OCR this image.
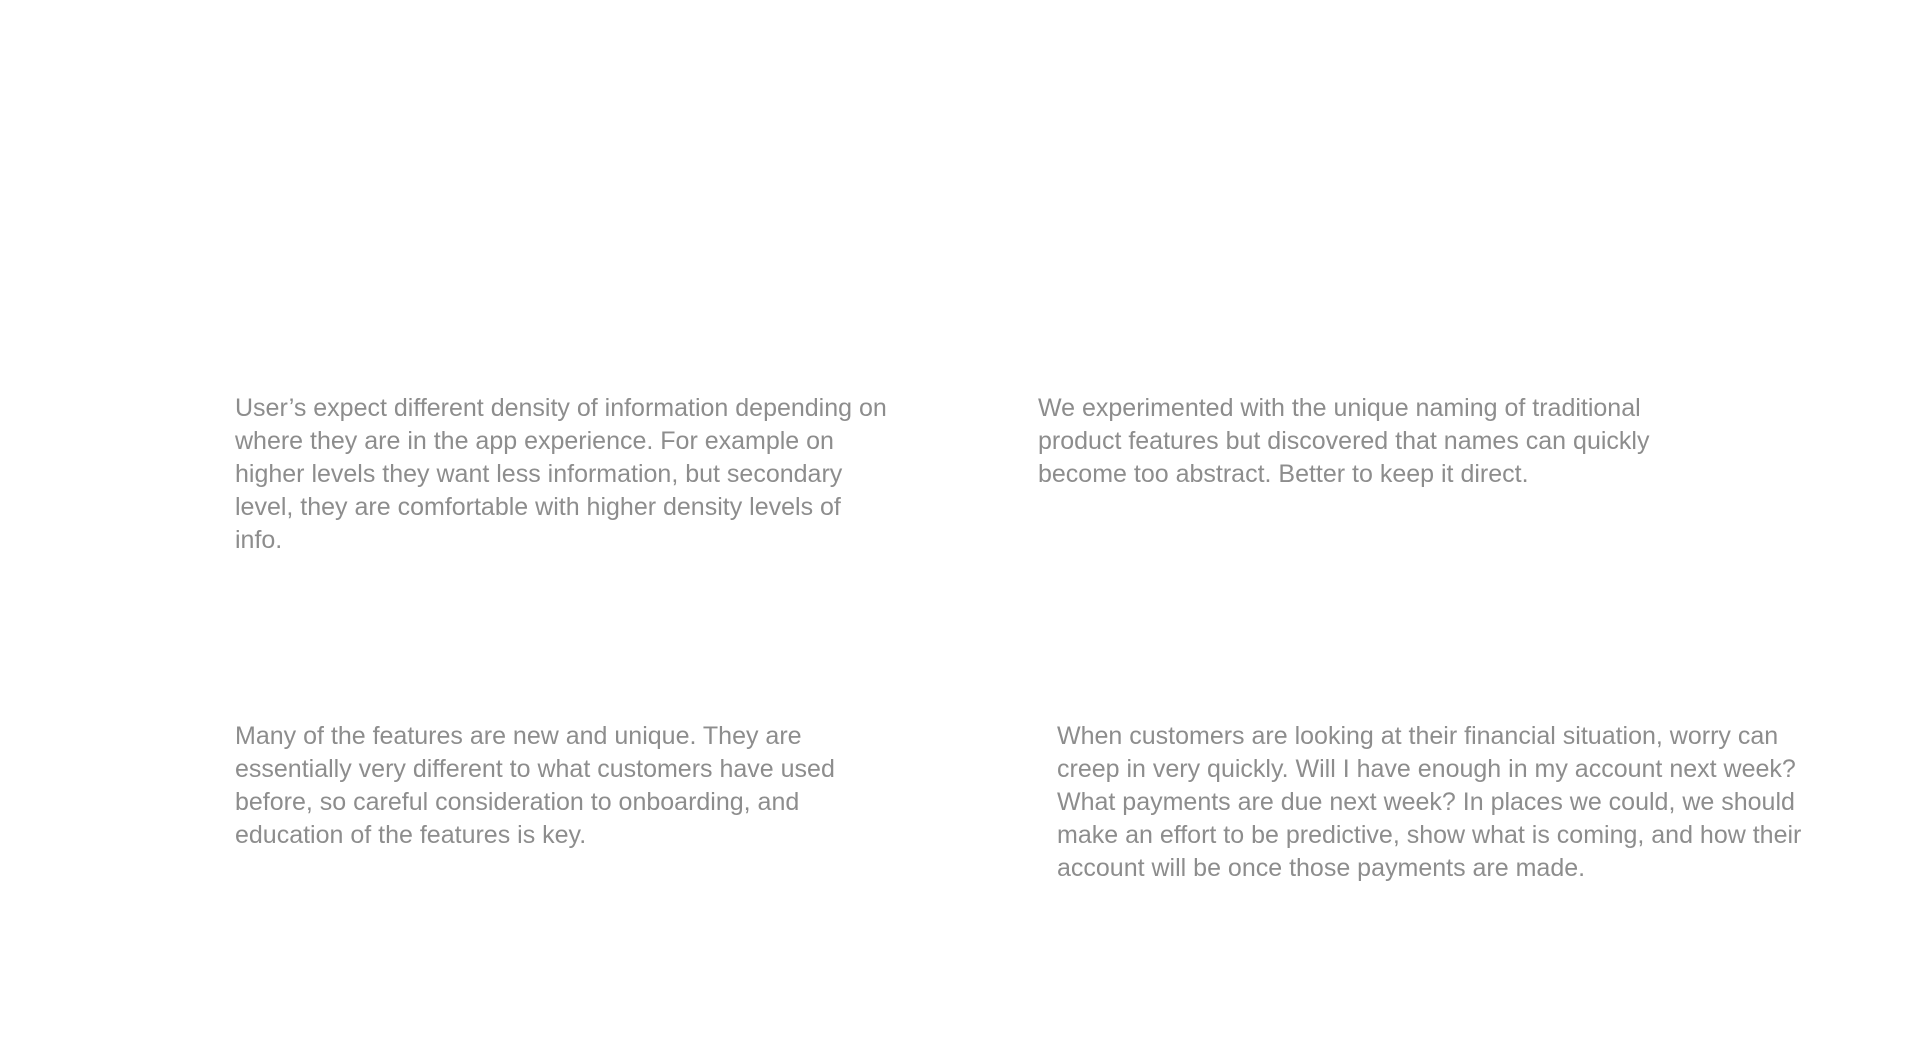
User’s expect different density of information depending on where they are in the app experience. For example on higher levels they want less information, but secondary level, they are comfortable with higher density levels of info.

We experimented with the unique naming of traditional product features but discovered that names can quickly become too abstract. Better to keep it direct.

Many of the features are new and unique. They are essentially very different to what customers have used before, so careful consideration to onboarding, and education of the features is key.

When customers are looking at their financial situation, worry can creep in very quickly. Will I have enough in my account next week? What payments are due next week? In places we could, we should make an effort to be predictive, show what is coming, and how their account will be once those payments are made.
